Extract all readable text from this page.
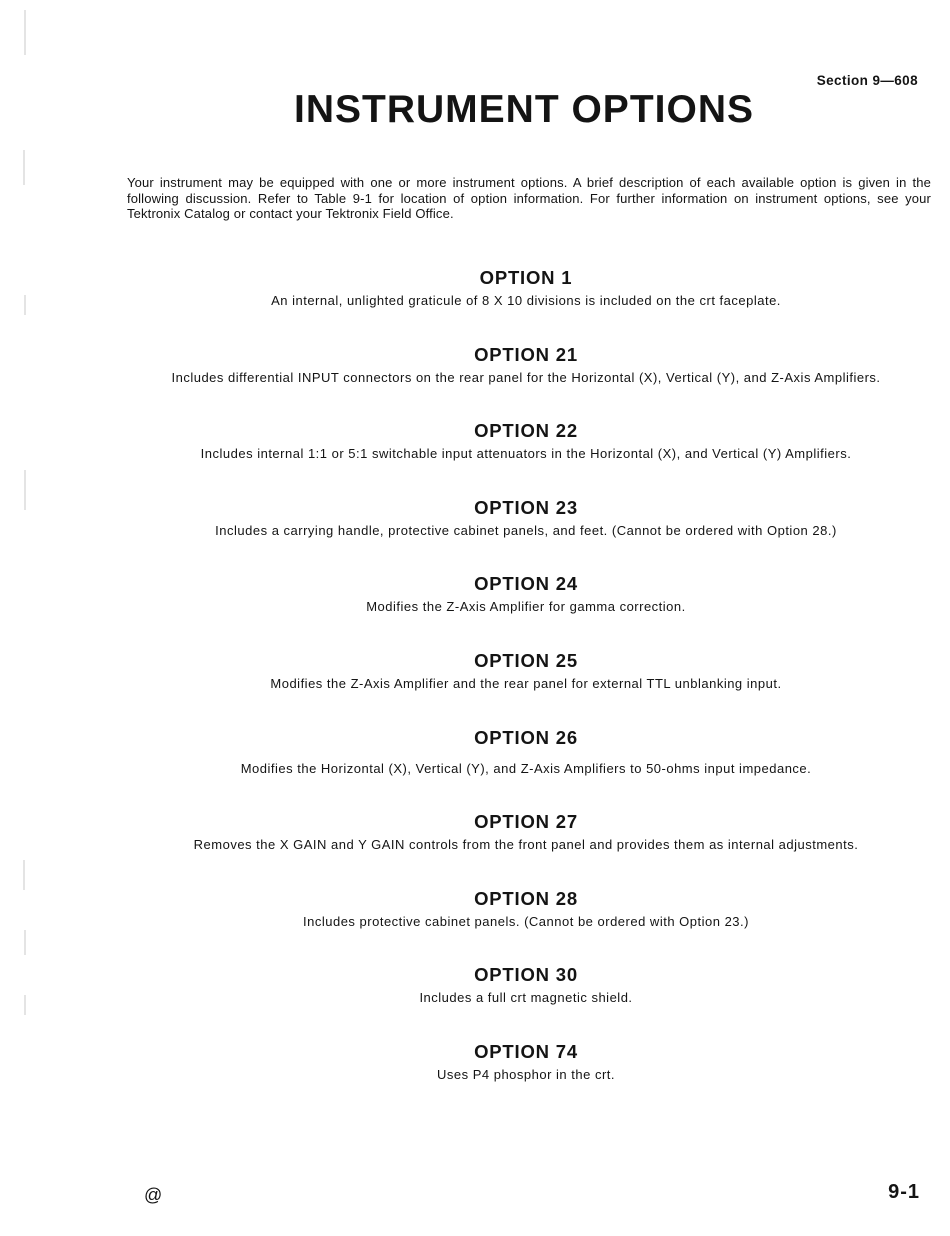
Section 9—608
INSTRUMENT OPTIONS

Your instrument may be equipped with one or more instrument options. A brief description of each available option is given in the following discussion. Refer to Table 9-1 for location of option information. For further information on instrument options, see your Tektronix Catalog or contact your Tektronix Field Office.

OPTION 1

An internal, unlighted graticule of 8 X 10 divisions is included on the crt faceplate.

OPTION 21

Includes differential INPUT connectors on the rear panel for the Horizontal (X), Vertical (Y), and Z-Axis Amplifiers.

OPTION 22

Includes internal 1:1 or 5:1 switchable input attenuators in the Horizontal (X), and Vertical (Y) Amplifiers.

OPTION 23

Includes a carrying handle, protective cabinet panels, and feet. (Cannot be ordered with Option 28.)

OPTION 24

Modifies the Z-Axis Amplifier for gamma correction.

OPTION 25

Modifies the Z-Axis Amplifier and the rear panel for external TTL unblanking input.

OPTION 26

Modifies the Horizontal (X), Vertical (Y), and Z-Axis Amplifiers to 50-ohms input impedance.

OPTION 27

Removes the X GAIN and Y GAIN controls from the front panel and provides them as internal adjustments.

OPTION 28

Includes protective cabinet panels. (Cannot be ordered with Option 23.)

OPTION 30

Includes a full crt magnetic shield.

OPTION 74

Uses P4 phosphor in the crt.

@	9-1
